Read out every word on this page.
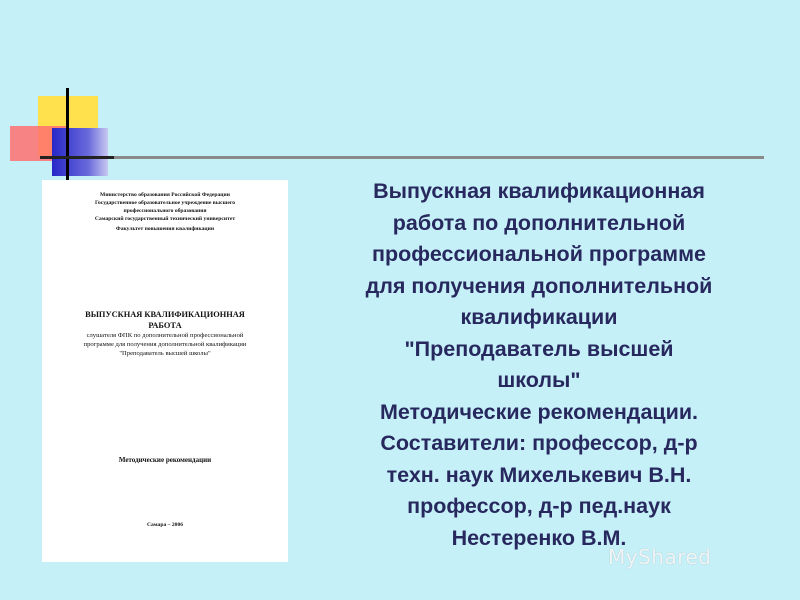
Министерство образования Российской Федерации
Государственное образовательное учреждение высшего
профессионального образования
Самарский государственный технический университет
Факультет повышения квалификации
ВЫПУСКНАЯ КВАЛИФИКАЦИОННАЯ
РАБОТА
слушателя ФПК по дополнительной профессиональной
программе для получения дополнительной квалификации
"Преподаватель высшей школы"
Методические рекомендации
Самара – 2006

Выпускная квалификационная
работа по дополнительной
профессиональной программе
для получения дополнительной
квалификации
"Преподаватель высшей
школы"
Методические рекомендации.
Составители: профессор, д-р
техн. наук Михелькевич В.Н.
профессор, д-р пед.наук
Нестеренко В.М.

MyShared
